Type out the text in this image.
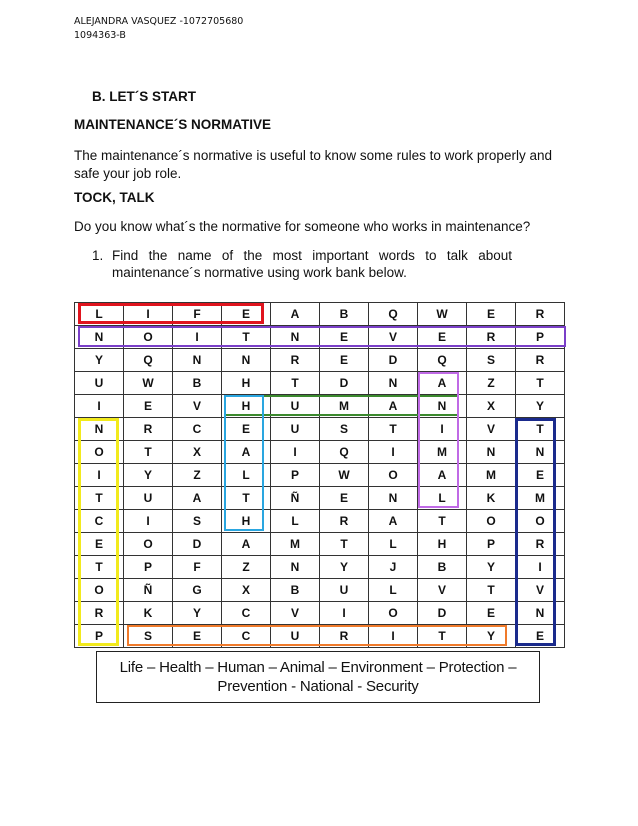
ALEJANDRA VASQUEZ -1072705680
1094363-B
B. LET´S START
MAINTENANCE´S NORMATIVE
The maintenance´s normative is useful to know some rules to work properly and safe your job role.
TOCK, TALK
Do you know what´s the normative for someone who works in maintenance?
1. Find the name of the most important words to talk about maintenance´s normative using work bank below.
L	I	F	E	A	B	Q	W	E	R
N	O	I	T	N	E	V	E	R	P
Y	Q	N	N	R	E	D	Q	S	R
U	W	B	H	T	D	N	A	Z	T
I	E	V	H	U	M	A	N	X	Y
N	R	C	E	U	S	T	I	V	T
O	T	X	A	I	Q	I	M	N	N
I	Y	Z	L	P	W	O	A	M	E
T	U	A	T	Ñ	E	N	L	K	M
C	I	S	H	L	R	A	T	O	O
E	O	D	A	M	T	L	H	P	R
T	P	F	Z	N	Y	J	B	Y	I
O	Ñ	G	X	B	U	L	V	T	V
R	K	Y	C	V	I	O	D	E	N
P	S	E	C	U	R	I	T	Y	E
Life – Health – Human – Animal – Environment – Protection –
Prevention - National - Security
